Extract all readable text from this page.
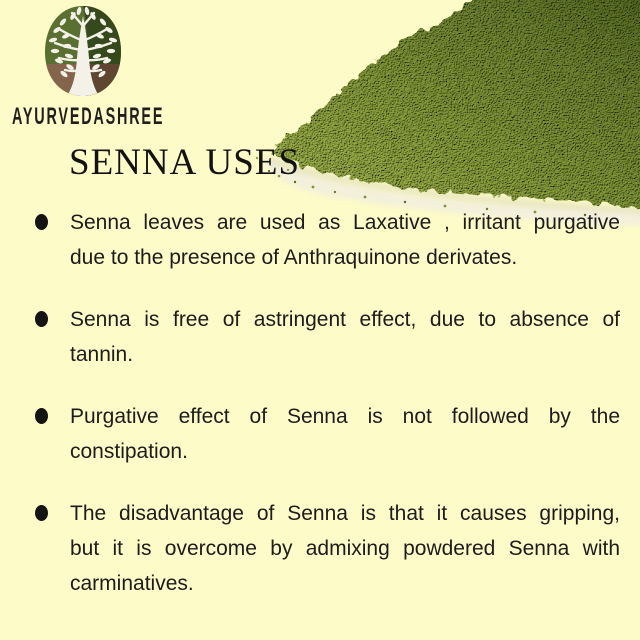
AYURVEDASHREE
SENNA USES
Senna leaves are used as Laxative , irritant purgative
due to the presence of Anthraquinone derivates.
Senna is free of astringent effect, due to absence of
tannin.
Purgative effect of Senna is not followed by the
constipation.
The disadvantage of Senna is that it causes gripping,
but it is overcome by admixing powdered Senna with
carminatives.
